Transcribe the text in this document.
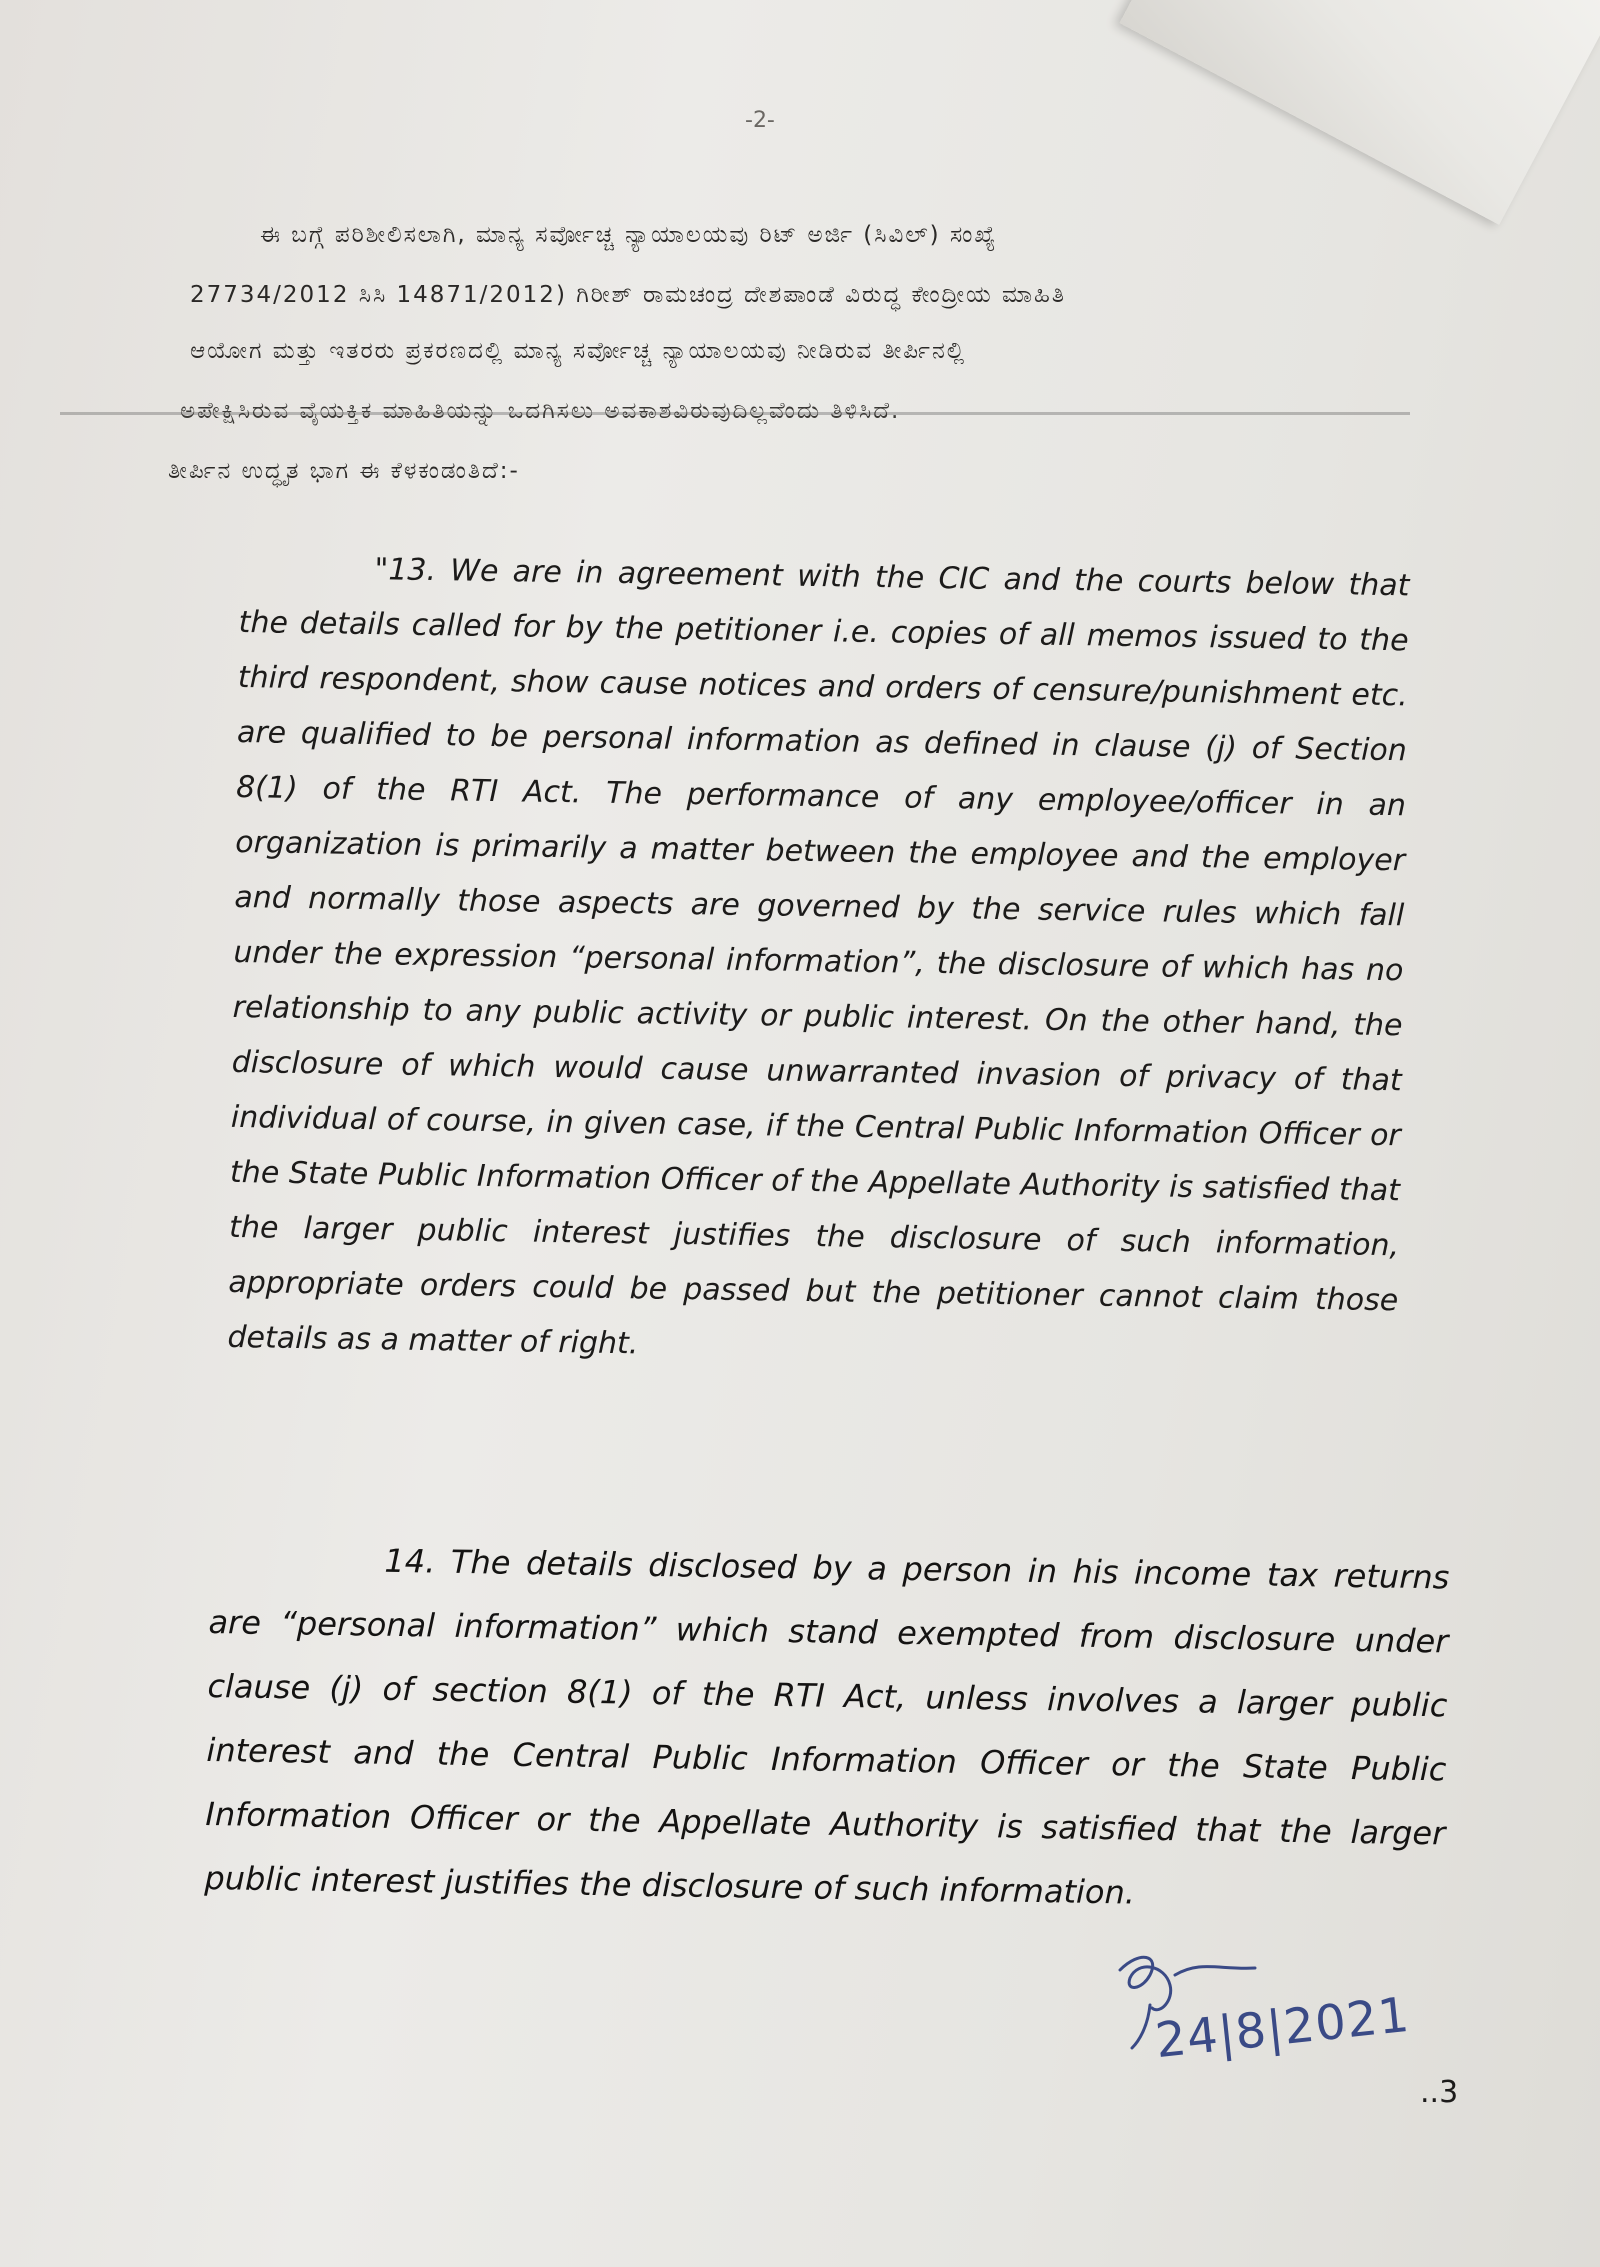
-2-
ಈ ಬಗ್ಗೆ ಪರಿಶೀಲಿಸಲಾಗಿ, ಮಾನ್ಯ ಸರ್ವೋಚ್ಚ ನ್ಯಾಯಾಲಯವು ರಿಟ್ ಅರ್ಜಿ (ಸಿವಿಲ್) ಸಂಖ್ಯೆ
27734/2012 ಸಿಸಿ 14871/2012) ಗಿರೀಶ್ ರಾಮಚಂದ್ರ ದೇಶಪಾಂಡೆ ವಿರುದ್ಧ ಕೇಂದ್ರೀಯ ಮಾಹಿತಿ
ಆಯೋಗ ಮತ್ತು ಇತರರು ಪ್ರಕರಣದಲ್ಲಿ ಮಾನ್ಯ ಸರ್ವೋಚ್ಚ ನ್ಯಾಯಾಲಯವು ನೀಡಿರುವ ತೀರ್ಪಿನಲ್ಲಿ
ಅಪೇಕ್ಷಿಸಿರುವ ವೈಯಕ್ತಿಕ ಮಾಹಿತಿಯನ್ನು ಒದಗಿಸಲು ಅವಕಾಶವಿರುವುದಿಲ್ಲವೆಂದು ತಿಳಿಸಿದೆ.
ತೀರ್ಪಿನ ಉದ್ಧೃತ ಭಾಗ ಈ ಕೆಳಕಂಡಂತಿದೆ:-

"13. We are in agreement with the CIC and the courts below that the details called for by the petitioner i.e. copies of all memos issued to the third respondent, show cause notices and orders of censure/punishment etc. are qualified to be personal information as defined in clause (j) of Section 8(1) of the RTI Act. The performance of any employee/officer in an organization is primarily a matter between the employee and the employer and normally those aspects are governed by the service rules which fall under the expression “personal information”, the disclosure of which has no relationship to any public activity or public interest. On the other hand, the disclosure of which would cause unwarranted invasion of privacy of that individual of course, in given case, if the Central Public Information Officer or the State Public Information Officer of the Appellate Authority is satisfied that the larger public interest justifies the disclosure of such information, appropriate orders could be passed but the petitioner cannot claim those details as a matter of right.

14. The details disclosed by a person in his income tax returns are “personal information” which stand exempted from disclosure under clause (j) of section 8(1) of the RTI Act, unless involves a larger public interest and the Central Public Information Officer or the State Public Information Officer or the Appellate Authority is satisfied that the larger public interest justifies the disclosure of such information.

24|8|2021
..3
